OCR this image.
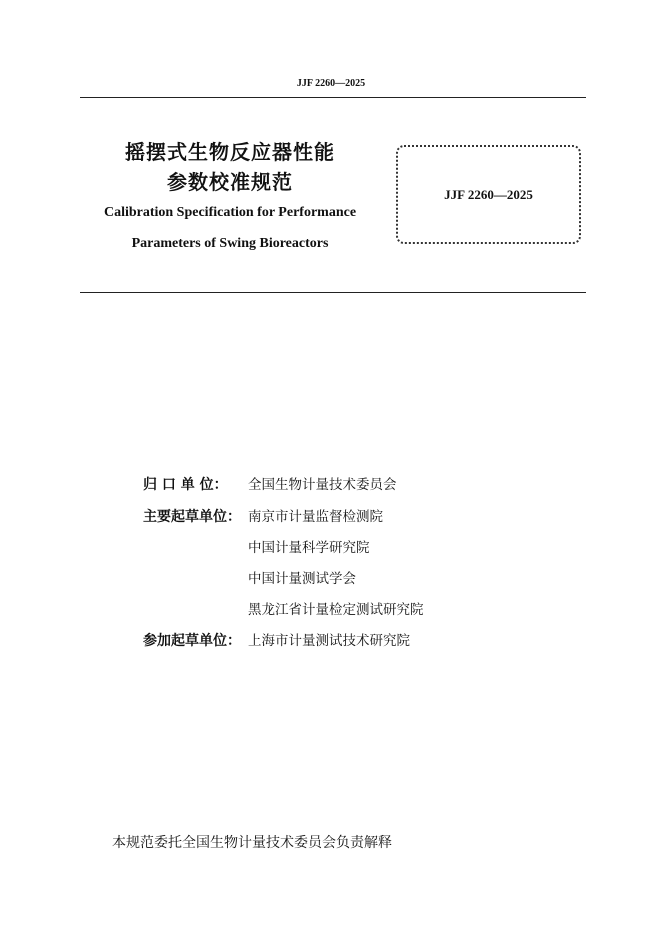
JJF 2260—2025
摇摆式生物反应器性能
参数校准规范
Calibration Specification for Performance
Parameters of Swing Bioreactors
JJF 2260—2025
归 口 单 位： 全国生物计量技术委员会
主要起草单位： 南京市计量监督检测院
中国计量科学研究院
中国计量测试学会
黑龙江省计量检定测试研究院
参加起草单位： 上海市计量测试技术研究院
本规范委托全国生物计量技术委员会负责解释
